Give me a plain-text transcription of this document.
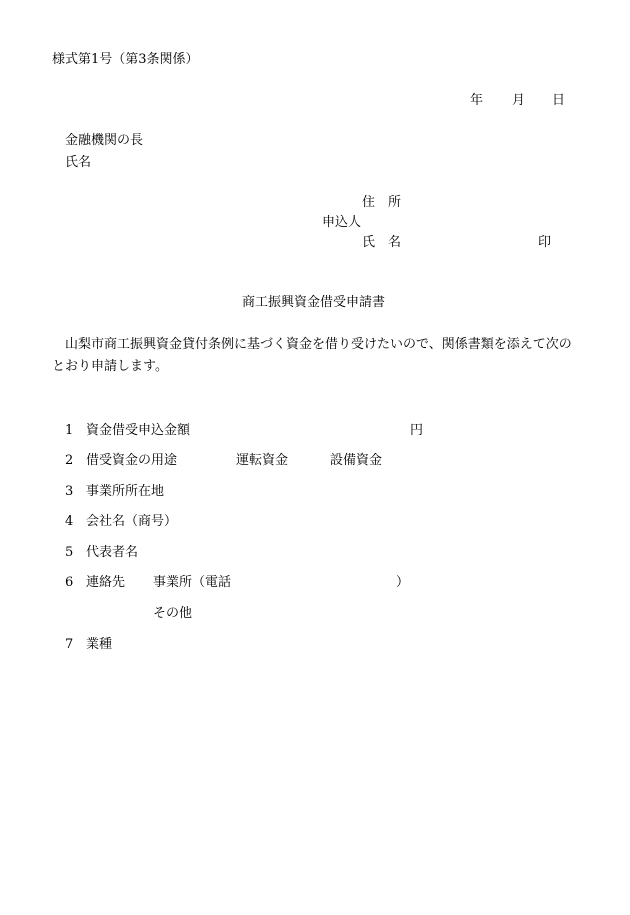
様式第1号（第3条関係）
年 月 日
金融機関の長
氏名
住　所
申込人
氏　名	印
商工振興資金借受申請書
山梨市商工振興資金貸付条例に基づく資金を借り受けたいので、関係書類を添えて次のとおり申請します。
1 資金借受申込金額	円
2 借受資金の用途	運転資金	設備資金
3 事業所所在地
4 会社名（商号）
5 代表者名
6 連絡先 事業所（電話	）
その他
7 業種
